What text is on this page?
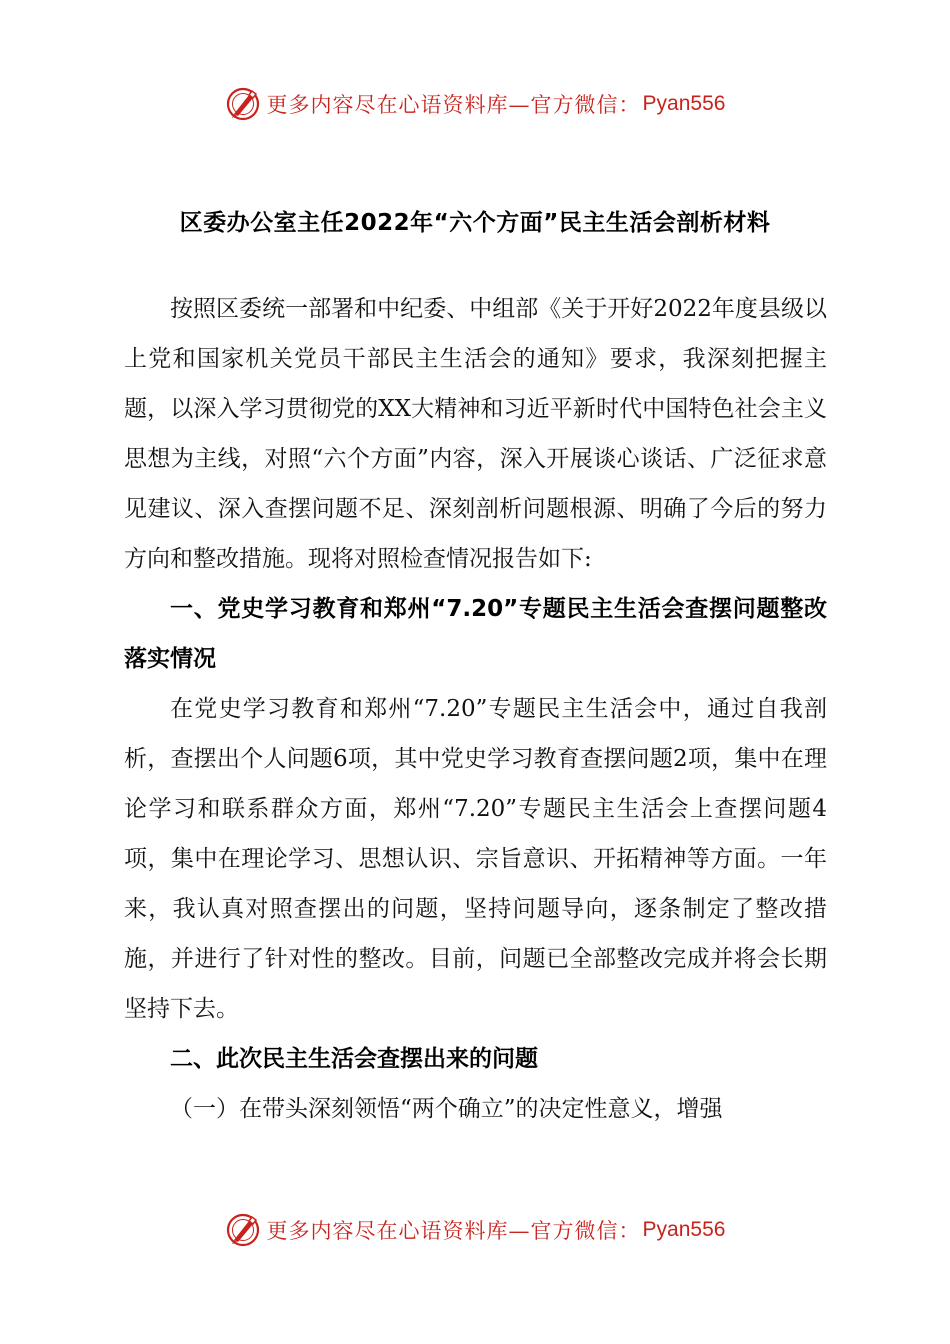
更多内容尽在心语资料库—官方微信： Pyan556
区委办公室主任2022年“六个方面”民主生活会剖析材料

按照区委统一部署和中纪委、中组部《关于开好2022年度县级以上党和国家机关党员干部民主生活会的通知》要求，我深刻把握主题，以深入学习贯彻党的XX大精神和习近平新时代中国特色社会主义思想为主线，对照“六个方面”内容，深入开展谈心谈话、广泛征求意见建议、深入查摆问题不足、深刻剖析问题根源、明确了今后的努力方向和整改措施。现将对照检查情况报告如下:

一、党史学习教育和郑州“7.20”专题民主生活会查摆问题整改落实情况

在党史学习教育和郑州“7.20”专题民主生活会中，通过自我剖析，查摆出个人问题6项，其中党史学习教育查摆问题2项，集中在理论学习和联系群众方面，郑州“7.20”专题民主生活会上查摆问题4项，集中在理论学习、思想认识、宗旨意识、开拓精神等方面。一年来，我认真对照查摆出的问题，坚持问题导向，逐条制定了整改措施，并进行了针对性的整改。目前，问题已全部整改完成并将会长期坚持下去。

二、此次民主生活会查摆出来的问题

（一）在带头深刻领悟“两个确立”的决定性意义，增强

更多内容尽在心语资料库—官方微信： Pyan556
